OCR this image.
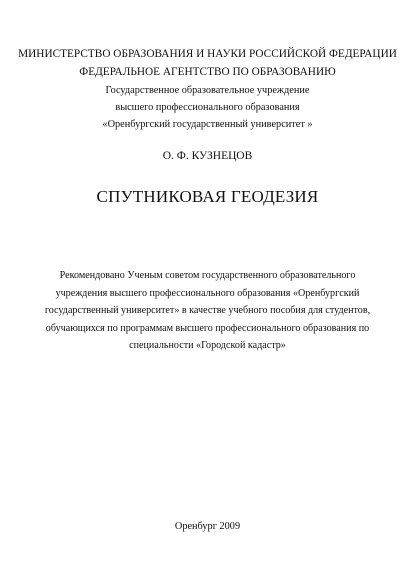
МИНИСТЕРСТВО ОБРАЗОВАНИЯ И НАУКИ РОССИЙСКОЙ ФЕДЕРАЦИИ
ФЕДЕРАЛЬНОЕ АГЕНТСТВО ПО ОБРАЗОВАНИЮ
Государственное образовательное учреждение
высшего профессионального образования
«Оренбургский государственный университет »
О. Ф. КУЗНЕЦОВ
СПУТНИКОВАЯ ГЕОДЕЗИЯ
Рекомендовано Ученым советом государственного образовательного
учреждения высшего профессионального образования «Оренбургский
государственный университет» в качестве учебного пособия для студентов,
обучающихся по программам высшего профессионального образования по
специальности «Городской кадастр»
Оренбург 2009
